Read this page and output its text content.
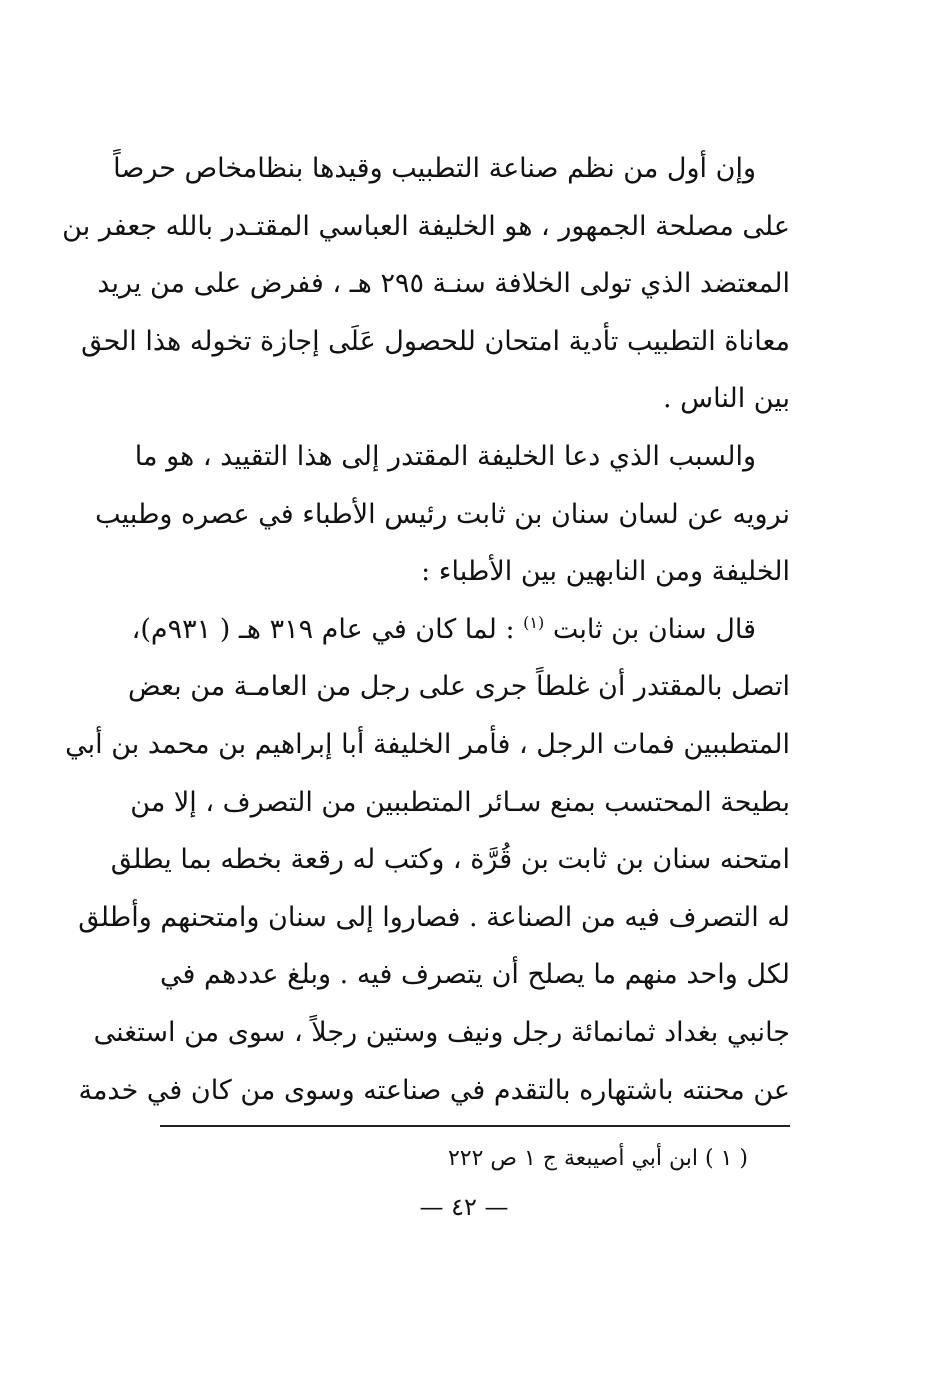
وإن أول من نظم صناعة التطبيب وقيدها بنظامخاص حرصاً
على مصلحة الجمهور ، هو الخليفة العباسي المقتـدر بالله جعفر بن
المعتضد الذي تولى الخلافة سنـة ٢٩٥ هـ ، ففرض على من يريد
معاناة التطبيب تأدية امتحان للحصول عَلَى إجازة تخوله هذا الحق
بين الناس .
والسبب الذي دعا الخليفة المقتدر إلى هذا التقييد ، هو ما
نرويه عن لسان سنان بن ثابت رئيس الأطباء في عصره وطبيب
الخليفة ومن النابهين بين الأطباء :
قال سنان بن ثابت $^{(١)}$ : لما كان في عام ٣١٩ هـ ( ٩٣١م)،
اتصل بالمقتدر أن غلطاً جرى على رجل من العامـة من بعض
المتطببين فمات الرجل ، فأمر الخليفة أبا إبراهيم بن محمد بن أبي
بطيحة المحتسب بمنع سـائر المتطببين من التصرف ، إلا من
امتحنه سنان بن ثابت بن قُرَّة ، وكتب له رقعة بخطه بما يطلق
له التصرف فيه من الصناعة . فصاروا إلى سنان وامتحنهم وأطلق
لكل واحد منهم ما يصلح أن يتصرف فيه . وبلغ عددهم في
جانبي بغداد ثمانمائة رجل ونيف وستين رجلاً ، سوى من استغنى
عن محنته باشتهاره بالتقدم في صناعته وسوى من كان في خدمة
( ١ ) ابن أبي أصيبعة ج ١ ص ٢٢٢
— ٤٢ —
